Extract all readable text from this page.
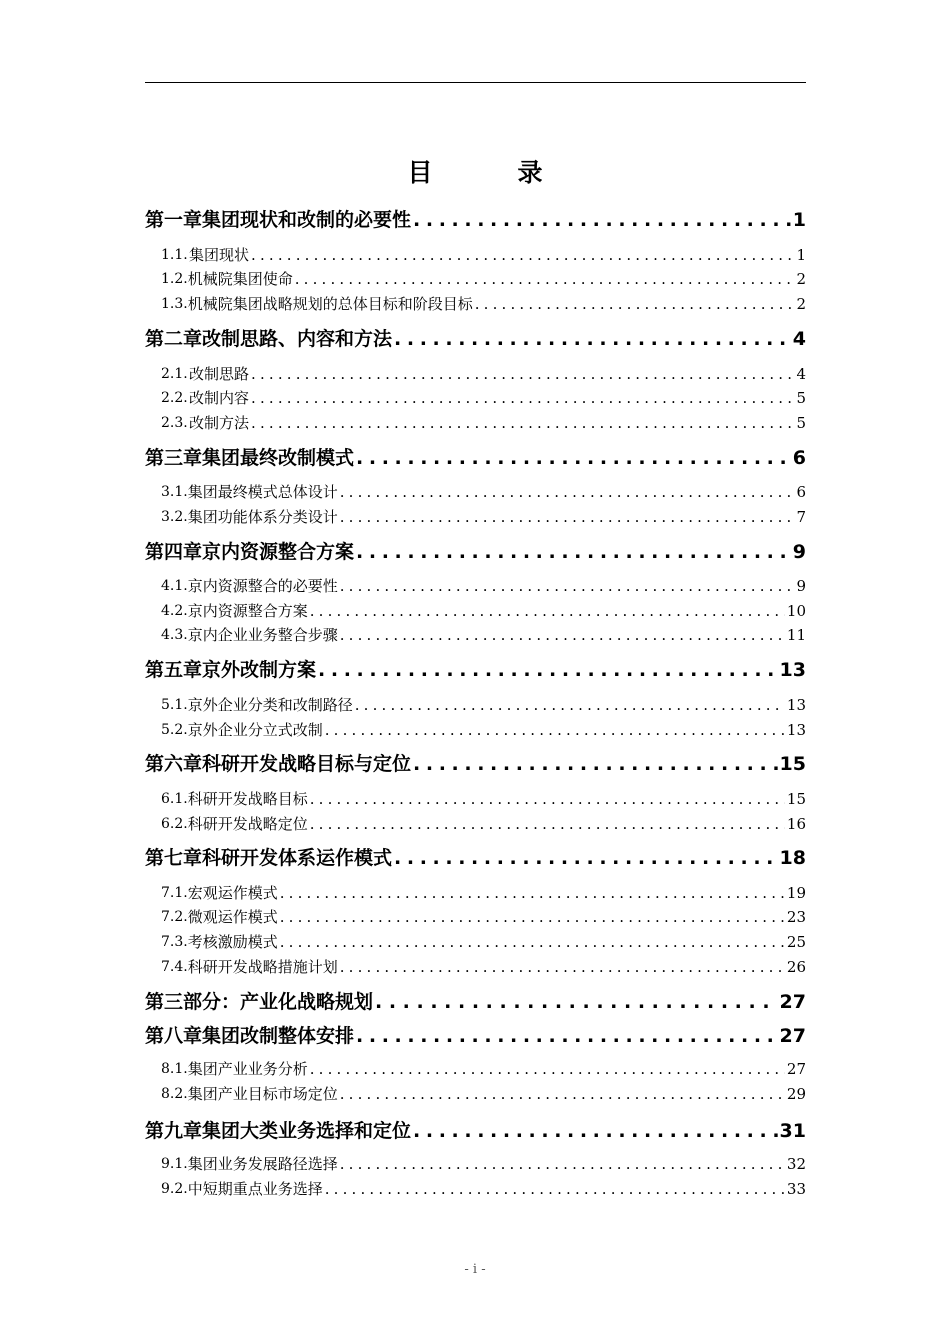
目　录
第一章 集团现状和改制的必要性 . . .	1
1.1. 集团现状 . . .	1
1.2. 机械院集团使命 . . .	2
1.3. 机械院集团战略规划的总体目标和阶段目标 . . .	2
第二章 改制思路、内容和方法 . . .	4
2.1. 改制思路 . . .	4
2.2. 改制内容 . . .	5
2.3. 改制方法 . . .	5
第三章 集团最终改制模式 . . .	6
3.1. 集团最终模式总体设计 . . .	6
3.2. 集团功能体系分类设计 . . .	7
第四章 京内资源整合方案 . . .	9
4.1. 京内资源整合的必要性 . . .	9
4.2. 京内资源整合方案 . . .	10
4.3. 京内企业业务整合步骤 . . .	11
第五章 京外改制方案 . . .	13
5.1. 京外企业分类和改制路径 . . .	13
5.2. 京外企业分立式改制 . . .	13
第六章 科研开发战略目标与定位 . . .	15
6.1. 科研开发战略目标 . . .	15
6.2. 科研开发战略定位 . . .	16
第七章 科研开发体系运作模式 . . .	18
7.1. 宏观运作模式 . . .	19
7.2. 微观运作模式 . . .	23
7.3. 考核激励模式 . . .	25
7.4. 科研开发战略措施计划 . . .	26
第三部分：产业化战略规划 . . .	27
第八章 集团改制整体安排 . . .	27
8.1. 集团产业业务分析 . . .	27
8.2. 集团产业目标市场定位 . . .	29
第九章 集团大类业务选择和定位 . . .	31
9.1. 集团业务发展路径选择 . . .	32
9.2. 中短期重点业务选择 . . .	33
- i -
